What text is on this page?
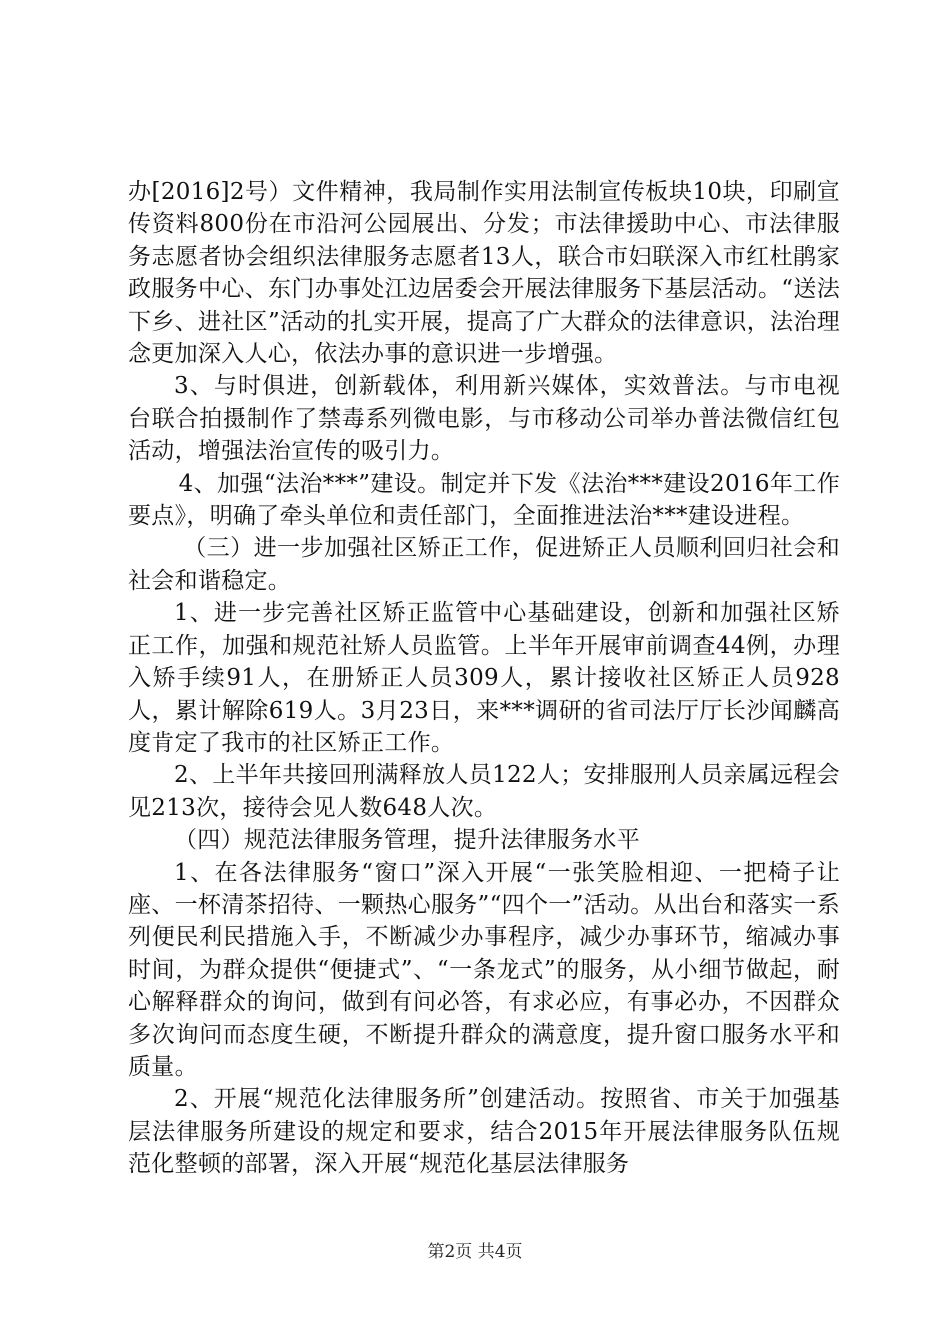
办[2016]2号）文件精神，我局制作实用法制宣传板块10块，印刷宣传资料800份在市沿河公园展出、分发；市法律援助中心、市法律服务志愿者协会组织法律服务志愿者13人，联合市妇联深入市红杜鹃家政服务中心、东门办事处江边居委会开展法律服务下基层活动。“送法下乡、进社区”活动的扎实开展，提高了广大群众的法律意识，法治理念更加深入人心，依法办事的意识进一步增强。

3、与时俱进，创新载体，利用新兴媒体，实效普法。与市电视台联合拍摄制作了禁毒系列微电影，与市移动公司举办普法微信红包活动，增强法治宣传的吸引力。

4、加强“法治***”建设。制定并下发《法治***建设2016年工作要点》，明确了牵头单位和责任部门，全面推进法治***建设进程。

（三）进一步加强社区矫正工作，促进矫正人员顺利回归社会和社会和谐稳定。

1、进一步完善社区矫正监管中心基础建设，创新和加强社区矫正工作，加强和规范社矫人员监管。上半年开展审前调查44例，办理入矫手续91人，在册矫正人员309人，累计接收社区矫正人员928人，累计解除619人。3月23日，来***调研的省司法厅厅长沙闻麟高度肯定了我市的社区矫正工作。

2、上半年共接回刑满释放人员122人；安排服刑人员亲属远程会见213次，接待会见人数648人次。

（四）规范法律服务管理，提升法律服务水平

1、在各法律服务“窗口”深入开展“一张笑脸相迎、一把椅子让座、一杯清茶招待、一颗热心服务”“四个一”活动。从出台和落实一系列便民利民措施入手，不断减少办事程序，减少办事环节，缩减办事时间，为群众提供“便捷式”、“一条龙式”的服务，从小细节做起，耐心解释群众的询问，做到有问必答，有求必应，有事必办，不因群众多次询问而态度生硬，不断提升群众的满意度，提升窗口服务水平和质量。

2、开展“规范化法律服务所”创建活动。按照省、市关于加强基层法律服务所建设的规定和要求，结合2015年开展法律服务队伍规范化整顿的部署，深入开展“规范化基层法律服务

第2页 共4页
